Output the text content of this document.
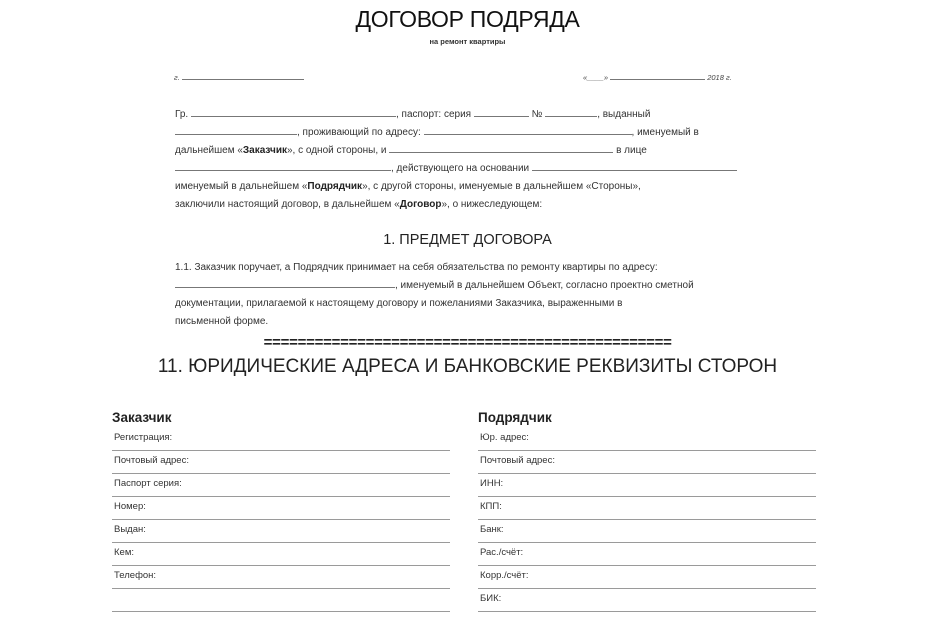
ДОГОВОР ПОДРЯДА
на ремонт квартиры
г.	«____»	2018 г.
Гр.	, паспорт: серия	№	, выданный
, проживающий по адресу:	, именуемый в
дальнейшем «Заказчик», с одной стороны, и	в лице
, действующего на основании
именуемый в дальнейшем «Подрядчик», с другой стороны, именуемые в дальнейшем «Стороны»,
заключили настоящий договор, в дальнейшем «Договор», о нижеследующем:
1. ПРЕДМЕТ ДОГОВОРА
1.1. Заказчик поручает, а Подрядчик принимает на себя обязательства по ремонту квартиры по адресу:
, именуемый в дальнейшем Объект, согласно проектно сметной
документации, прилагаемой к настоящему договору и пожеланиями Заказчика, выраженными в
письменной форме.
================================================
11. ЮРИДИЧЕСКИЕ АДРЕСА И БАНКОВСКИЕ РЕКВИЗИТЫ СТОРОН
Заказчик
Регистрация:
Почтовый адрес:
Паспорт серия:
Номер:
Выдан:
Кем:
Телефон:
Подрядчик
Юр. адрес:
Почтовый адрес:
ИНН:
КПП:
Банк:
Рас./счёт:
Корр./счёт:
БИК:
